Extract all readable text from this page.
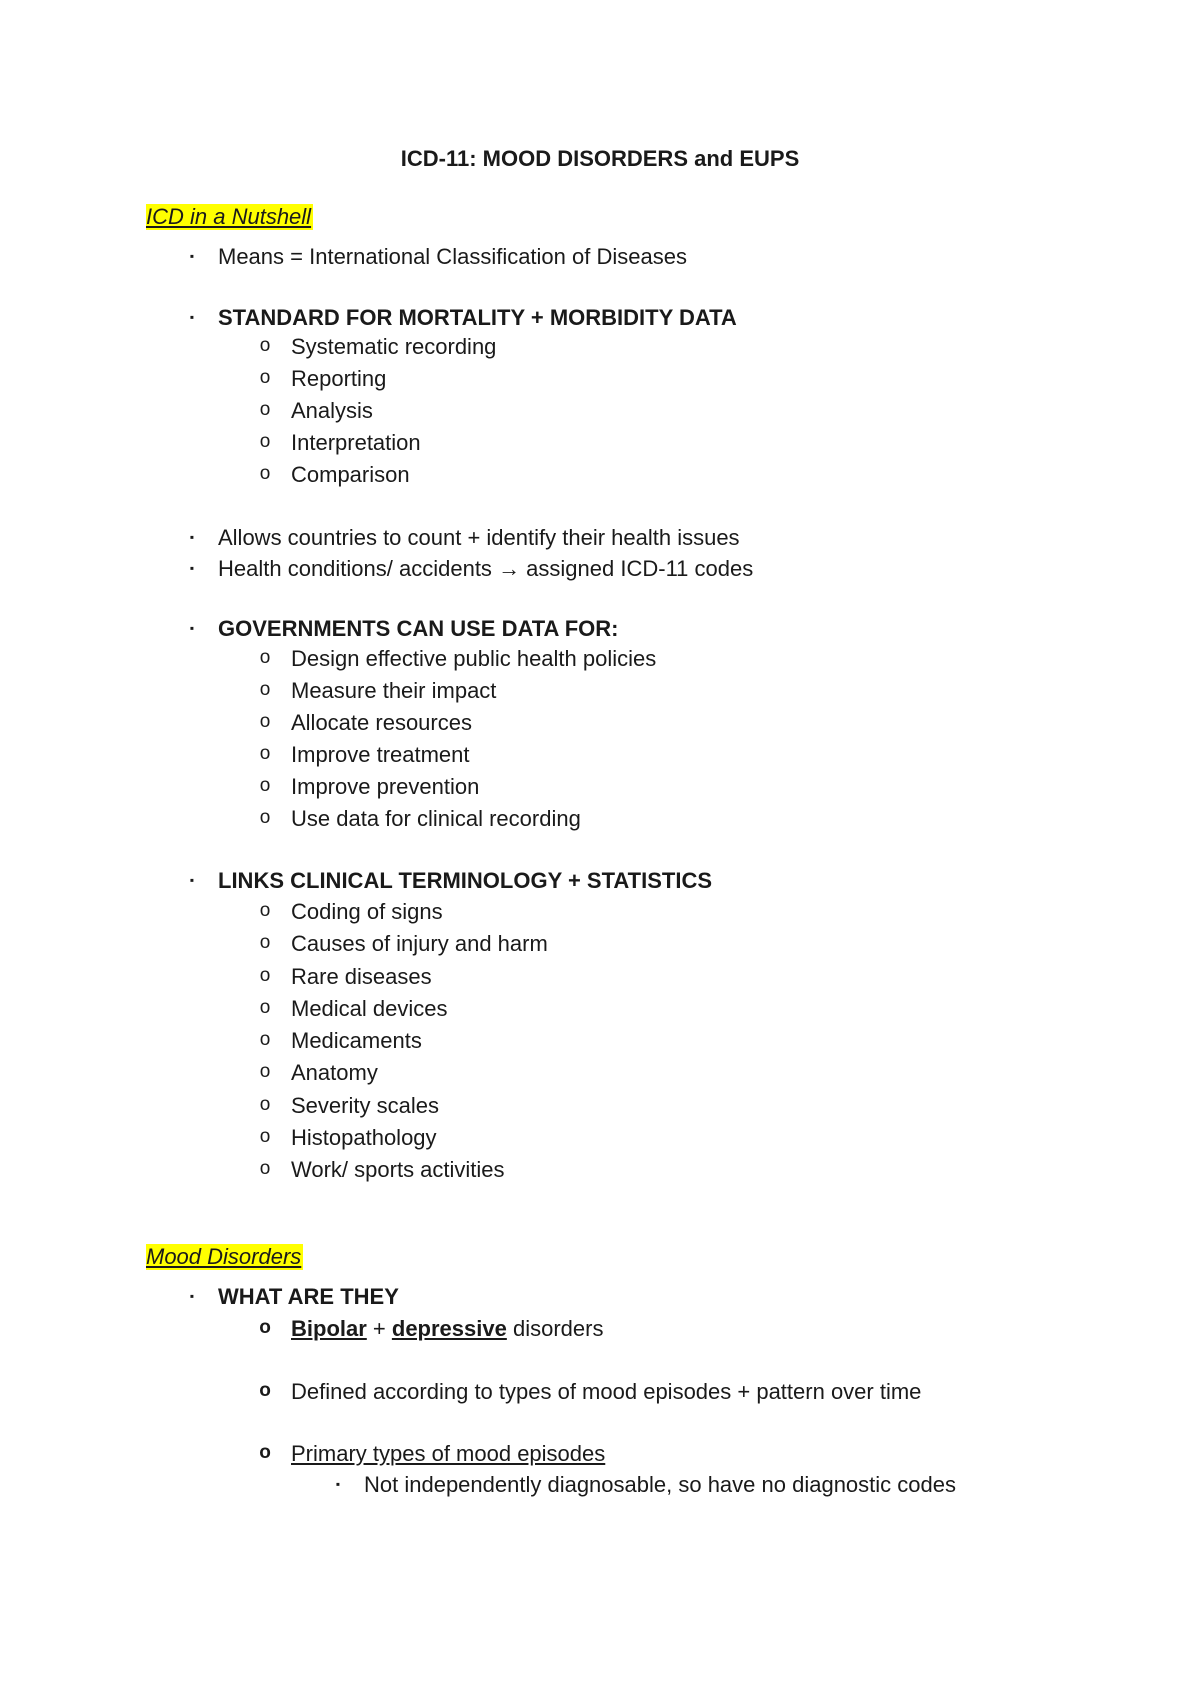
ICD-11: MOOD DISORDERS and EUPS
ICD in a Nutshell
▪	Means = International Classification of Diseases
▪	STANDARD FOR MORTALITY + MORBIDITY DATA
o Systematic recording
o Reporting
o Analysis
o Interpretation
o Comparison
▪	Allows countries to count + identify their health issues
▪	Health conditions/ accidents → assigned ICD-11 codes
▪	GOVERNMENTS CAN USE DATA FOR:
o Design effective public health policies
o Measure their impact
o Allocate resources
o Improve treatment
o Improve prevention
o Use data for clinical recording
▪	LINKS CLINICAL TERMINOLOGY + STATISTICS
o Coding of signs
o Causes of injury and harm
o Rare diseases
o Medical devices
o Medicaments
o Anatomy
o Severity scales
o Histopathology
o Work/ sports activities
Mood Disorders
▪	WHAT ARE THEY
o Bipolar + depressive disorders
o Defined according to types of mood episodes + pattern over time
o Primary types of mood episodes
▪	Not independently diagnosable, so have no diagnostic codes
